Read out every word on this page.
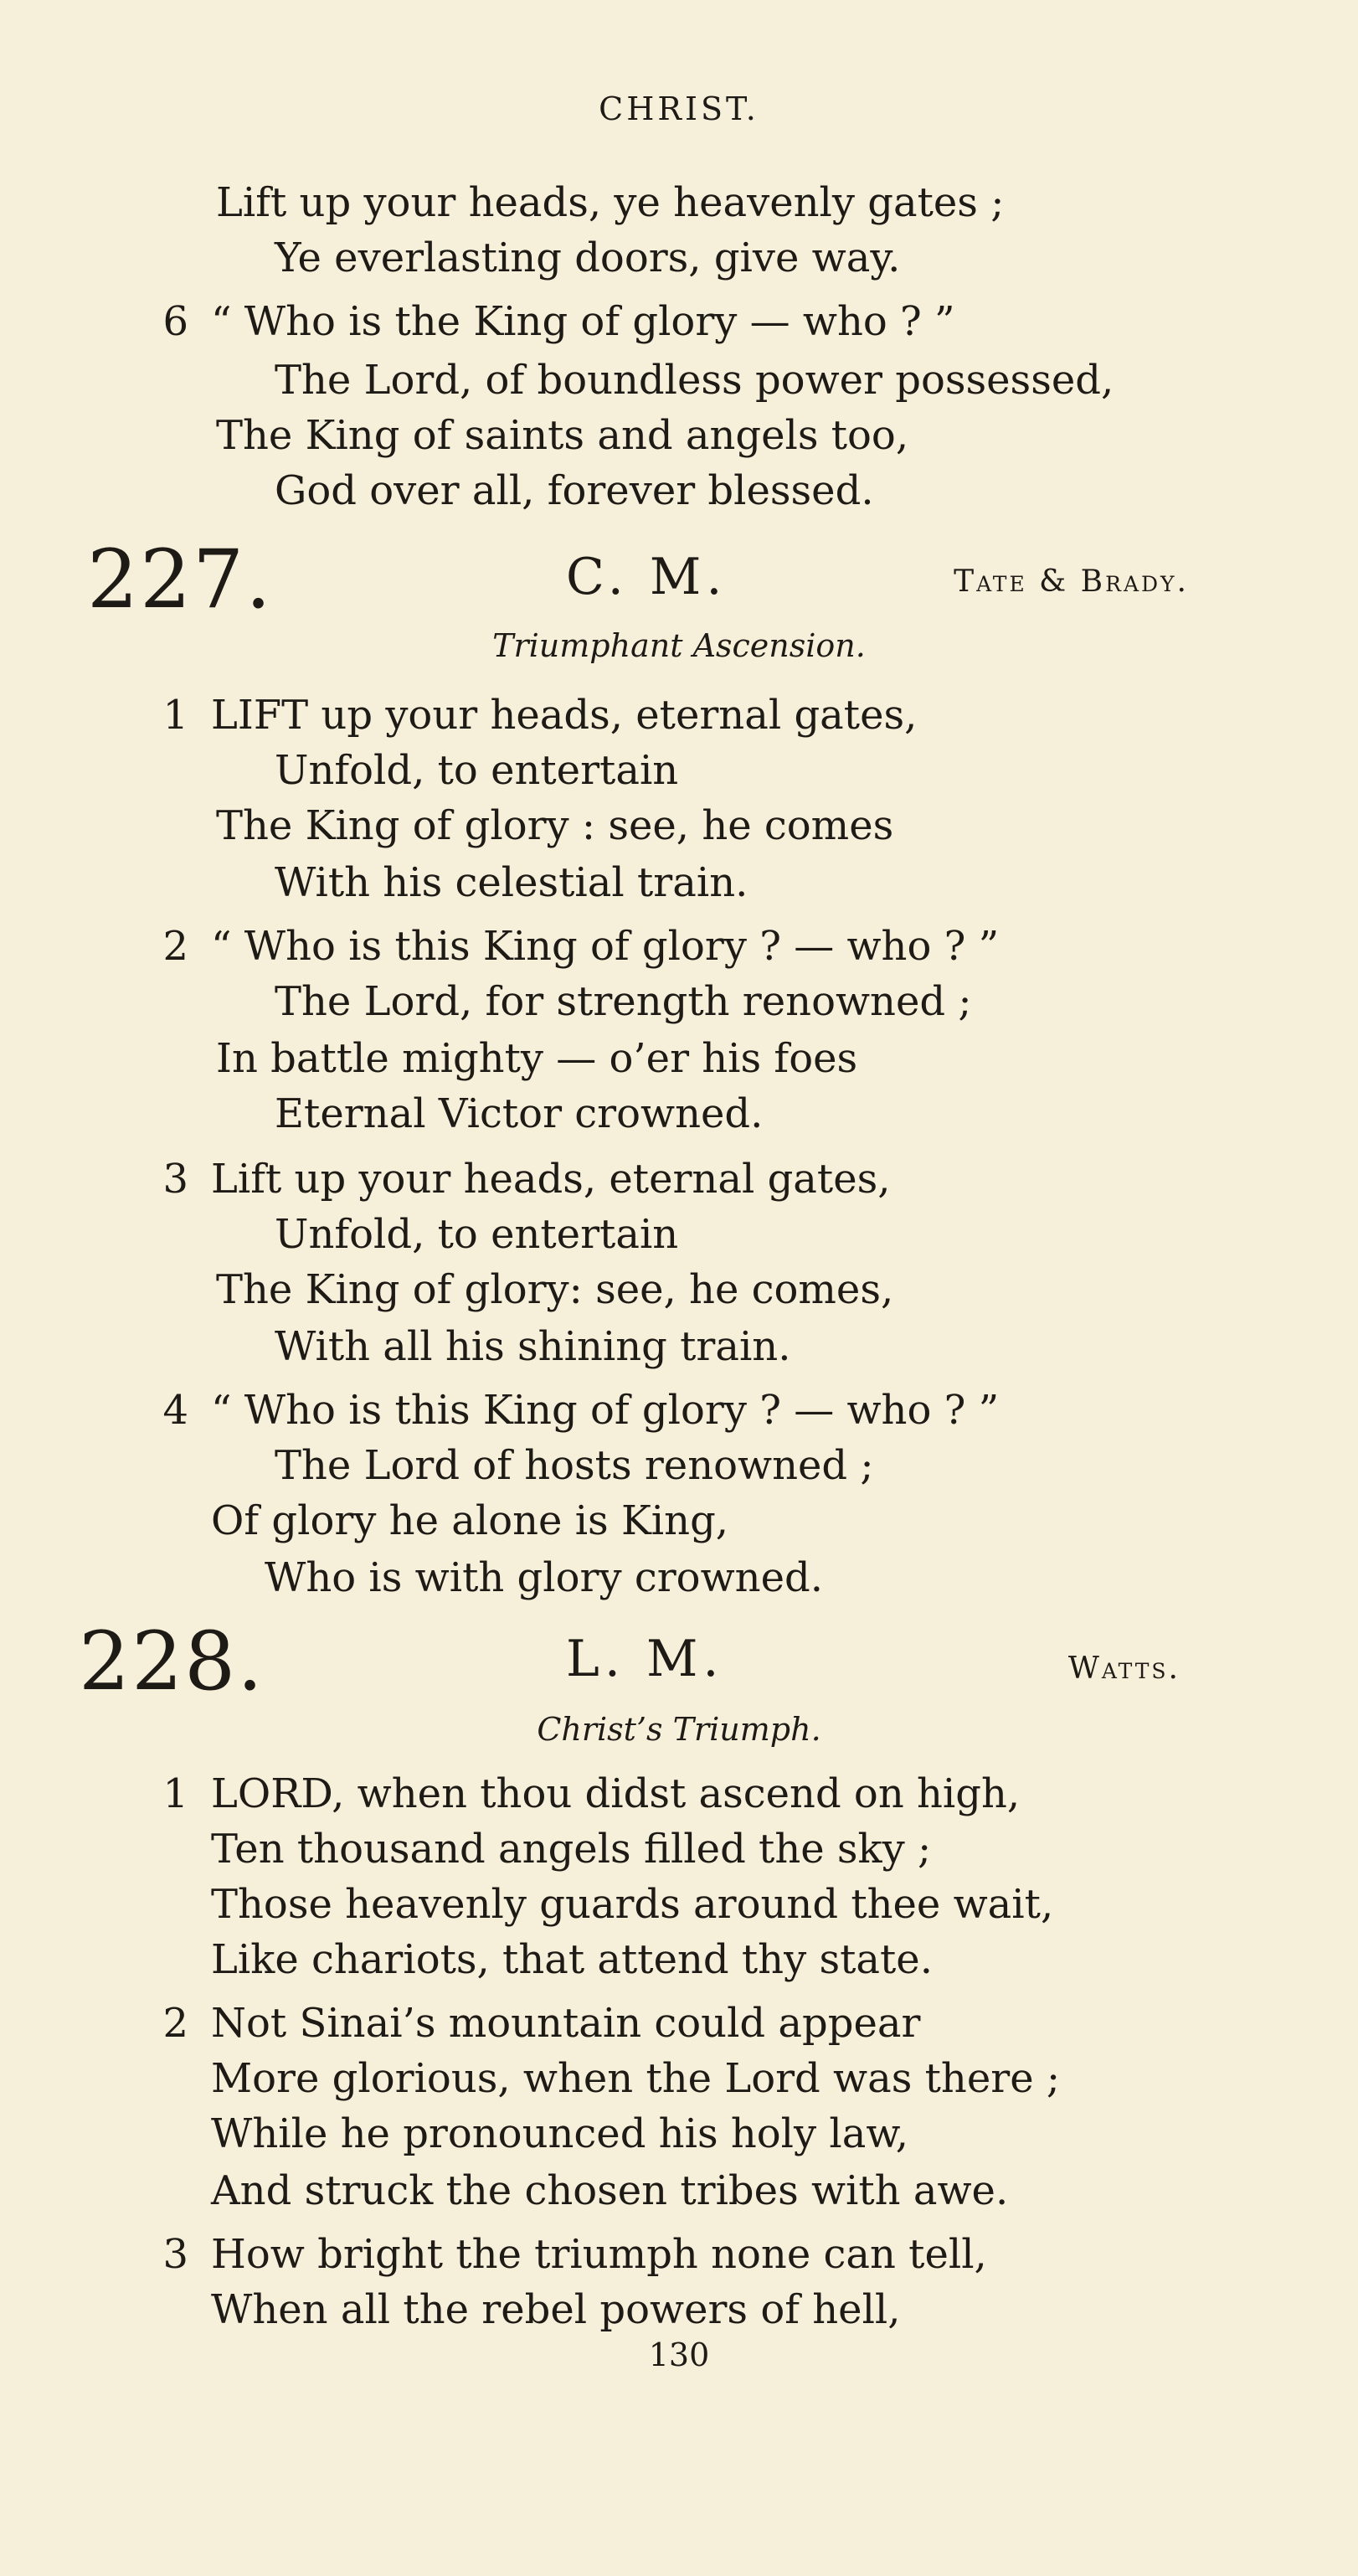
CHRIST.
Lift up your heads, ye heavenly gates ;
Ye everlasting doors, give way.
6 “ Who is the King of glory — who ? ”
The Lord, of boundless power possessed,
The King of saints and angels too,
God over all, forever blessed.
227.	C. M.	Tate & Brady.
Triumphant Ascension.
1 LIFT up your heads, eternal gates,
Unfold, to entertain
The King of glory : see, he comes
With his celestial train.
2 “ Who is this King of glory ? — who ? ”
The Lord, for strength renowned ;
In battle mighty — o’er his foes
Eternal Victor crowned.
3 Lift up your heads, eternal gates,
Unfold, to entertain
The King of glory: see, he comes,
With all his shining train.
4 “ Who is this King of glory ? — who ? ”
The Lord of hosts renowned ;
Of glory he alone is King,
Who is with glory crowned.
228.	L. M.	Watts.
Christ’s Triumph.
1 LORD, when thou didst ascend on high,
Ten thousand angels filled the sky ;
Those heavenly guards around thee wait,
Like chariots, that attend thy state.
2 Not Sinai’s mountain could appear
More glorious, when the Lord was there ;
While he pronounced his holy law,
And struck the chosen tribes with awe.
3 How bright the triumph none can tell,
When all the rebel powers of hell,
130
